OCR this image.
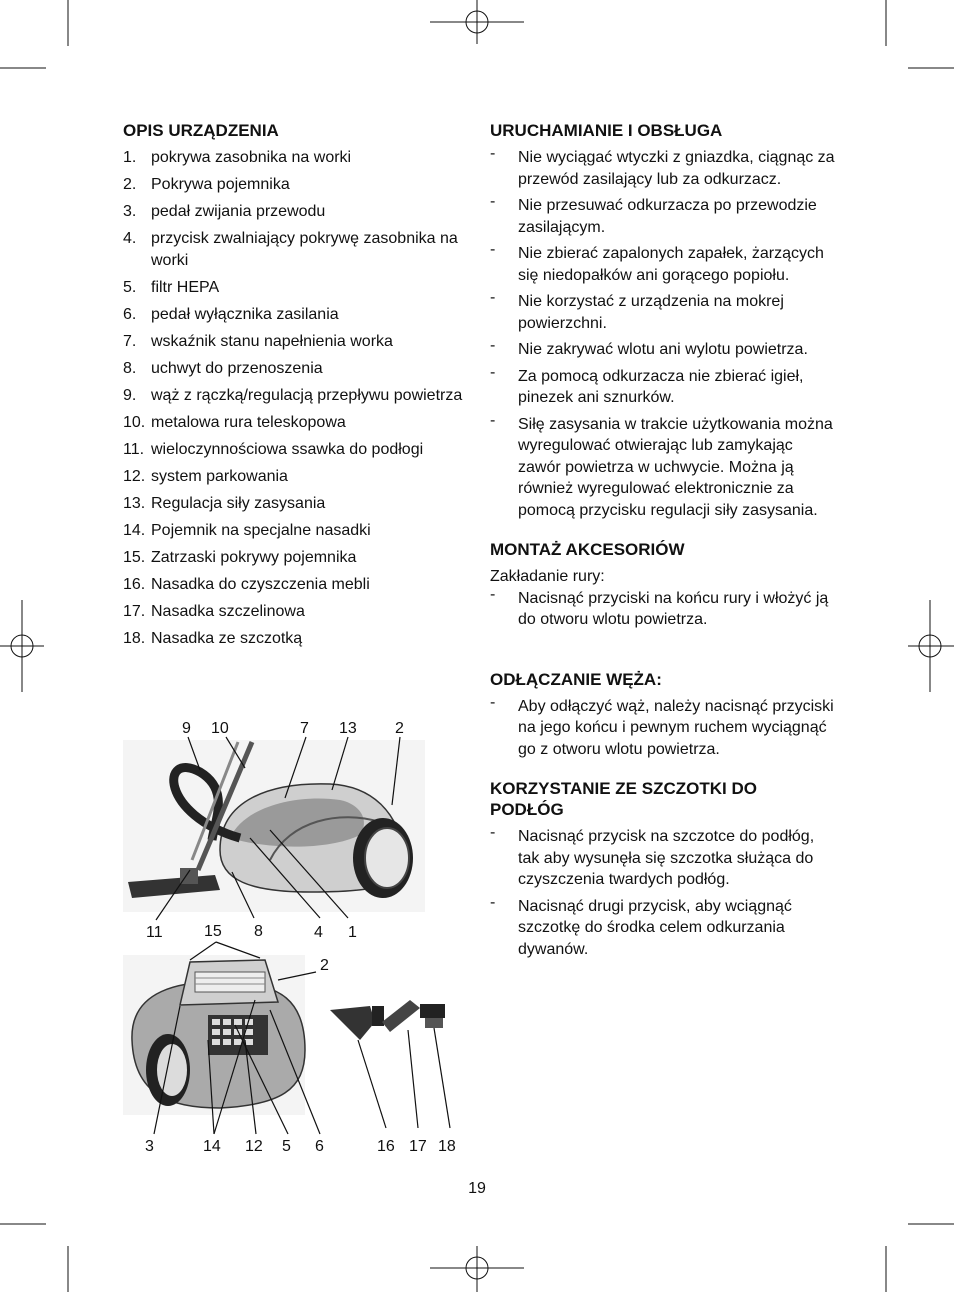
OPIS URZĄDZENIA
1. pokrywa zasobnika na worki
2. Pokrywa pojemnika
3. pedał zwijania przewodu
4. przycisk zwalniający pokrywę zasobnika na worki
5. filtr HEPA
6. pedał wyłącznika zasilania
7. wskaźnik stanu napełnienia worka
8. uchwyt do przenoszenia
9. wąż z rączką/regulacją przepływu powietrza
10. metalowa rura teleskopowa
11. wieloczynnościowa ssawka do podłogi
12. system parkowania
13. Regulacja siły zasysania
14. Pojemnik na specjalne nasadki
15. Zatrzaski pokrywy pojemnika
16. Nasadka do czyszczenia mebli
17. Nasadka szczelinowa
18. Nasadka ze szczotką
9 10	7 13 2
11	15 8	4 1
2
3	14 12 5 6	16 17 18
URUCHAMIANIE I OBSŁUGA
- Nie wyciągać wtyczki z gniazdka, ciągnąc za przewód zasilający lub za odkurzacz.
- Nie przesuwać odkurzacza po przewodzie zasilającym.
- Nie zbierać zapalonych zapałek, żarzących się niedopałków ani gorącego popiołu.
- Nie korzystać z urządzenia na mokrej powierzchni.
- Nie zakrywać wlotu ani wylotu powietrza.
- Za pomocą odkurzacza nie zbierać igieł, pinezek ani sznurków.
- Siłę zasysania w trakcie użytkowania można wyregulować otwierając lub zamykając zawór powietrza w uchwycie. Można ją również wyregulować elektronicznie za pomocą przycisku regulacji siły zasysania.
MONTAŻ AKCESORIÓW

Zakładanie rury:

- Nacisnąć przyciski na końcu rury i włożyć ją do otworu wlotu powietrza.
ODŁĄCZANIE WĘŻA:
- Aby odłączyć wąż, należy nacisnąć przyciski na jego końcu i pewnym ruchem wyciągnąć go z otworu wlotu powietrza.
KORZYSTANIE ZE SZCZOTKI DO PODŁÓG
- Nacisnąć przycisk na szczotce do podłóg, tak aby wysunęła się szczotka służąca do czyszczenia twardych podłóg.
- Nacisnąć drugi przycisk, aby wciągnąć szczotkę do środka celem odkurzania dywanów.
19
